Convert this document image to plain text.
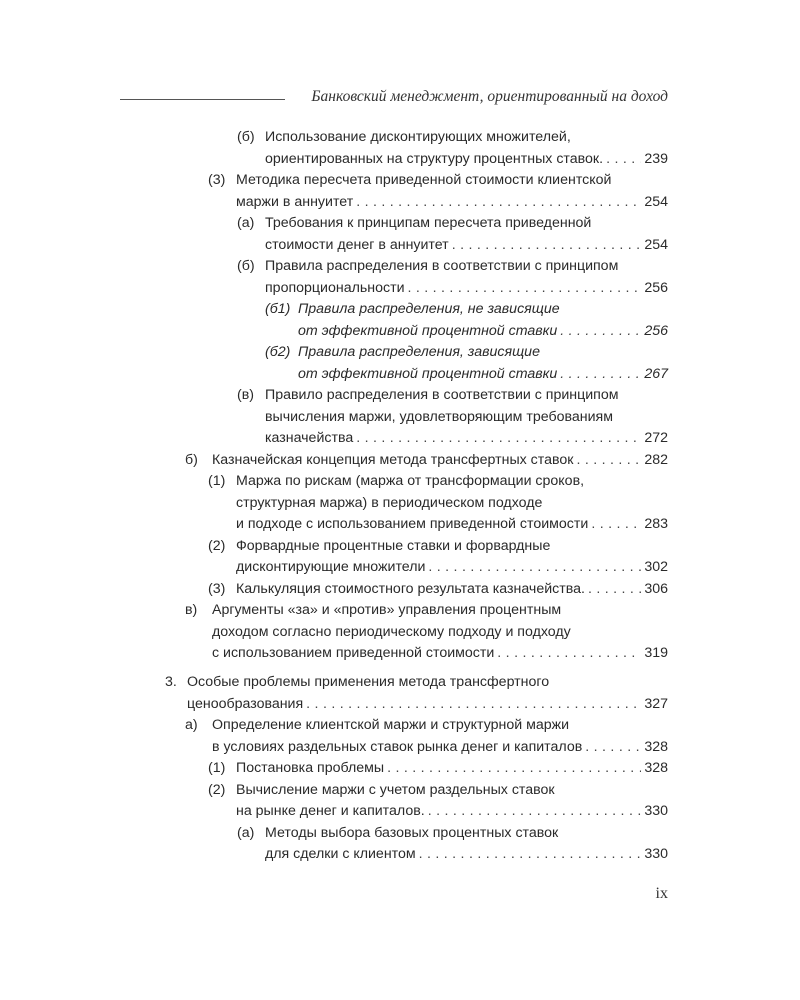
Банковский менеджмент, ориентированный на доход
(б) Использование дисконтирующих множителей,
ориентированных на структуру процентных ставок. . . .	239
(3) Методика пересчета приведенной стоимости клиентской
маржи в аннуитет . . .	254
(а) Требования к принципам пересчета приведенной
стоимости денег в аннуитет . . .	254
(б) Правила распределения в соответствии с принципом
пропорциональности . . .	256
(б1) Правила распределения, не зависящие
от эффективной процентной ставки . . .	256
(б2) Правила распределения, зависящие
от эффективной процентной ставки . . .	267
(в) Правило распределения в соответствии с принципом
вычисления маржи, удовлетворяющим требованиям
казначейства . . .	272
б) Казначейская концепция метода трансфертных ставок . . .	282
(1) Маржа по рискам (маржа от трансформации сроков,
структурная маржа) в периодическом подходе
и подходе с использованием приведенной стоимости . . .	283
(2) Форвардные процентные ставки и форвардные
дисконтирующие множители . . .	302
(3) Калькуляция стоимостного результата казначейства. . . .	306
в) Аргументы «за» и «против» управления процентным
доходом согласно периодическому подходу и подходу
с использованием приведенной стоимости . . .	319
3. Особые проблемы применения метода трансфертного
ценообразования . . .	327
а) Определение клиентской маржи и структурной маржи
в условиях раздельных ставок рынка денег и капиталов . . .	328
(1) Постановка проблемы . . .	328
(2) Вычисление маржи с учетом раздельных ставок
на рынке денег и капиталов. . . .	330
(а) Методы выбора базовых процентных ставок
для сделки с клиентом . . .	330
ix
